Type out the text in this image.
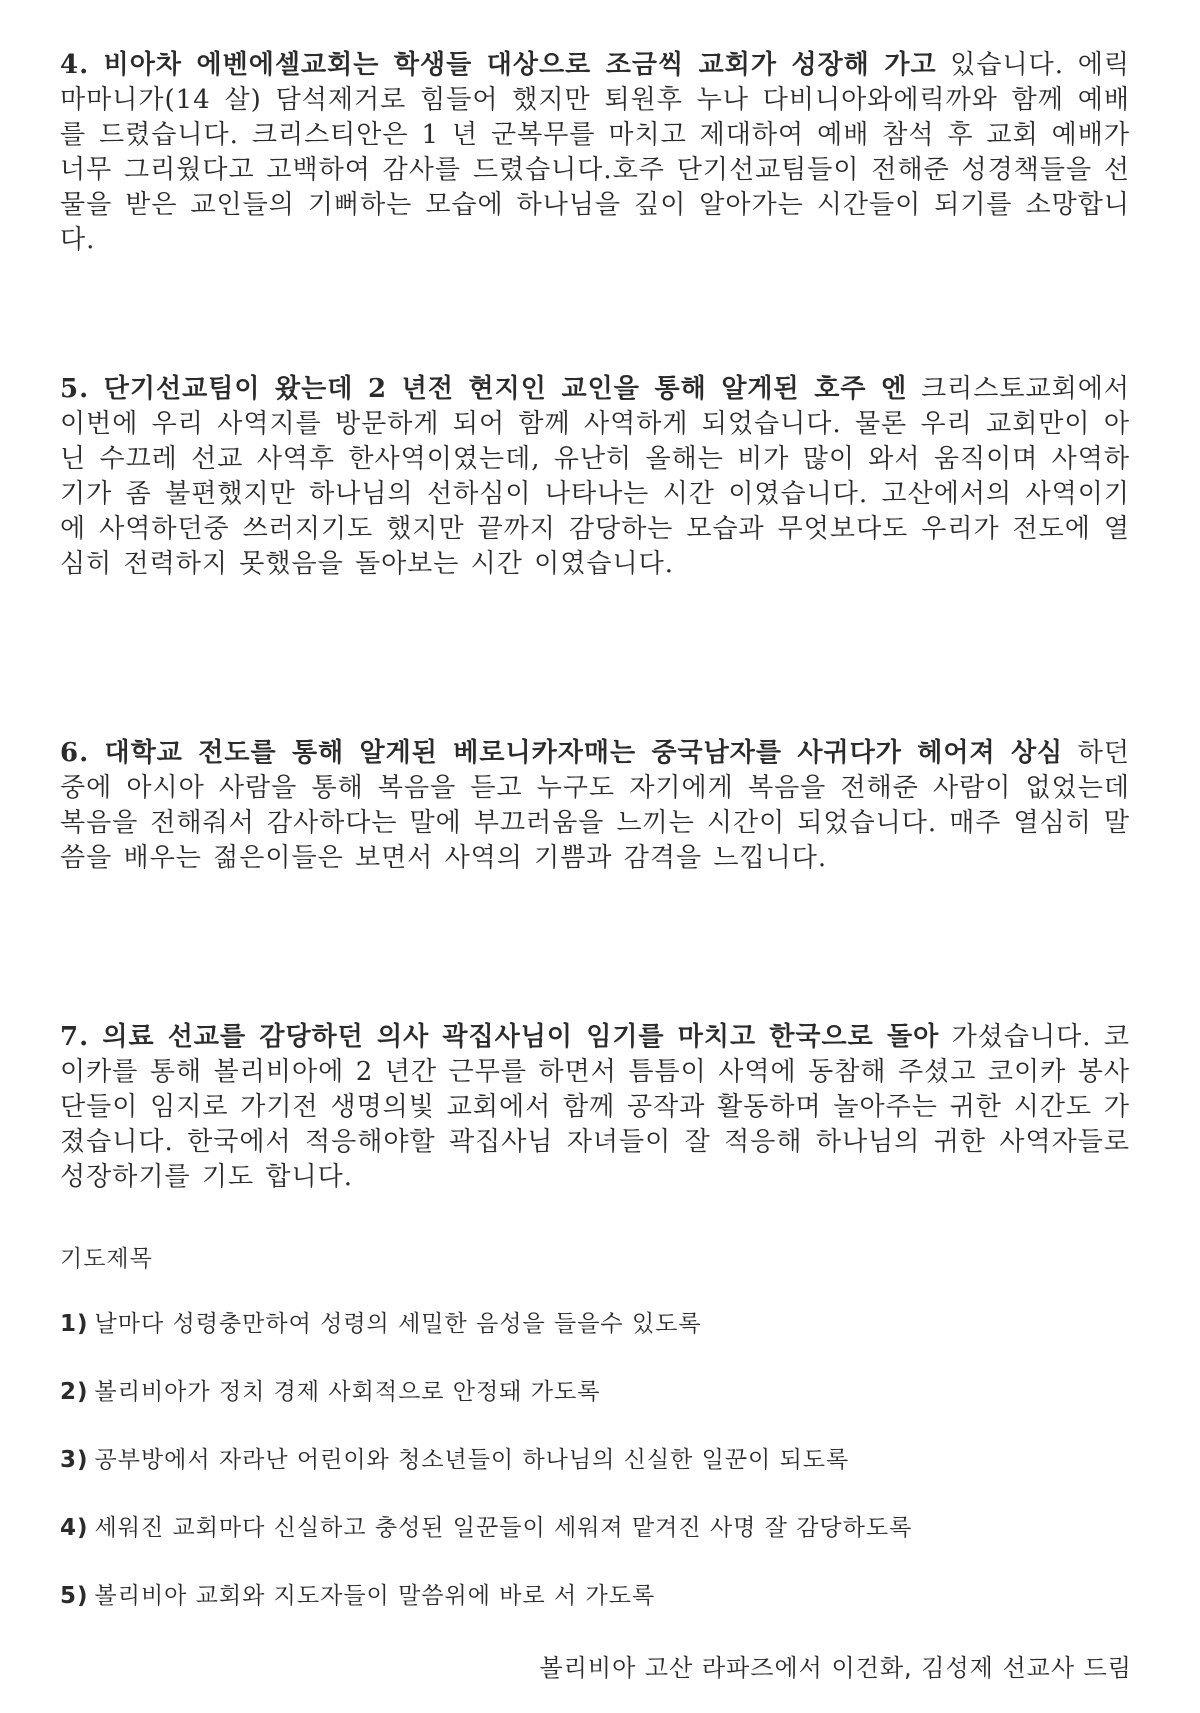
4. 비아차 에벤에셀교회는 학생들 대상으로 조금씩 교회가 성장해 가고 있습니다. 에릭 마마니가(14 살) 담석제거로 힘들어 했지만 퇴원후 누나 다비니아와에릭까와 함께 예배를 드렸습니다. 크리스티안은 1 년 군복무를 마치고 제대하여 예배 참석 후 교회 예배가 너무 그리웠다고 고백하여 감사를 드렸습니다.호주 단기선교팀들이 전해준 성경책들을 선물을 받은 교인들의 기뻐하는 모습에 하나님을 깊이 알아가는 시간들이 되기를 소망합니다.
5. 단기선교팀이 왔는데 2 년전 현지인 교인을 통해 알게된 호주 엔 크리스토교회에서 이번에 우리 사역지를 방문하게 되어 함께 사역하게 되었습니다. 물론 우리 교회만이 아닌 수끄레 선교 사역후 한사역이였는데, 유난히 올해는 비가 많이 와서 움직이며 사역하기가 좀 불편했지만 하나님의 선하심이 나타나는 시간 이였습니다. 고산에서의 사역이기에 사역하던중 쓰러지기도 했지만 끝까지 감당하는 모습과 무엇보다도 우리가 전도에 열심히 전력하지 못했음을 돌아보는 시간 이였습니다.
6. 대학교 전도를 통해 알게된 베로니카자매는 중국남자를 사귀다가 헤어져 상심 하던 중에 아시아 사람을 통해 복음을 듣고 누구도 자기에게 복음을 전해준 사람이 없었는데 복음을 전해줘서 감사하다는 말에 부끄러움을 느끼는 시간이 되었습니다. 매주 열심히 말씀을 배우는 젊은이들은 보면서 사역의 기쁨과 감격을 느낍니다.
7. 의료 선교를 감당하던 의사 곽집사님이 임기를 마치고 한국으로 돌아 가셨습니다. 코이카를 통해 볼리비아에 2 년간 근무를 하면서 틈틈이 사역에 동참해 주셨고 코이카 봉사단들이 임지로 가기전 생명의빛 교회에서 함께 공작과 활동하며 놀아주는 귀한 시간도 가졌습니다. 한국에서 적응해야할 곽집사님 자녀들이 잘 적응해 하나님의 귀한 사역자들로 성장하기를 기도 합니다.
기도제목
1) 날마다 성령충만하여 성령의 세밀한 음성을 들을수 있도록
2) 볼리비아가 정치 경제 사회적으로 안정돼 가도록
3) 공부방에서 자라난 어린이와 청소년들이 하나님의 신실한 일꾼이 되도록
4) 세워진 교회마다 신실하고 충성된 일꾼들이 세워져 맡겨진 사명 잘 감당하도록
5) 볼리비아 교회와 지도자들이 말씀위에 바로 서 가도록
볼리비아 고산 라파즈에서 이건화, 김성제 선교사 드림
